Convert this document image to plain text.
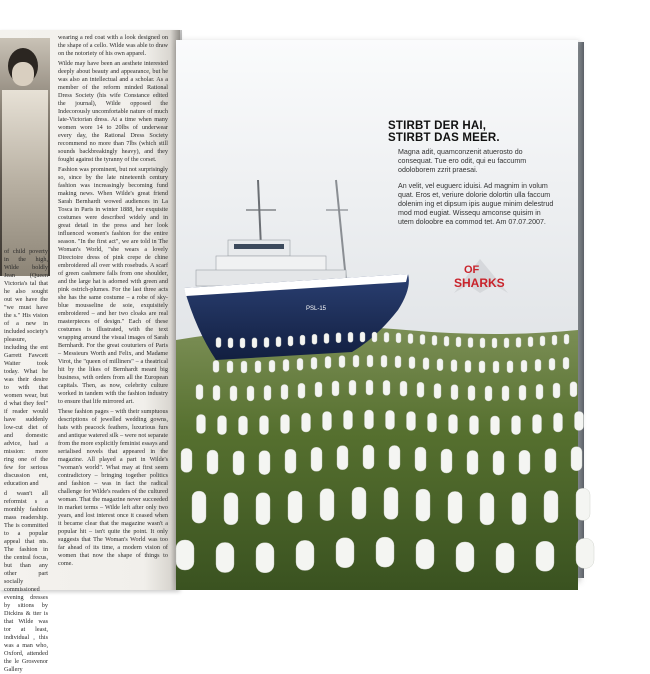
of child poverty in the high, Wilde boldly Jean (Queen Victoria's tal that he also sought out we have the "we must have the s." His vision of a new in included society's pleasure, including the ent Garrett Fawcett Waiter took today. What he was their desire to with that women wear, but d what they feel" if reader would have suddenly low-cut diet of and domestic advice, had a mission: more ring one of the few for serious discussion ent, education and

d wasn't all reformist s a monthly fashion mass readership. The is committed to a popular appeal that nts. The fashion in the central focus, but than any other part socially commissioned evening dresses by sitions by Dickins & tter is that Wilde was tor at least, individual , this was a man who, Oxford, attended the le Grosvenor Gallery

wearing a red coat with a look designed on the shape of a cello. Wilde was able to draw on the notoriety of his own apparel.

Wilde may have been an aesthete interested deeply about beauty and appearance, but he was also an intellectual and a scholar. As a member of the reform minded Rational Dress Society (his wife Constance edited the journal), Wilde opposed the Indecorously uncomfortable nature of much late-Victorian dress. At a time when many women wore 14 to 20lbs of underwear every day, the Rational Dress Society recommend no more than 7lbs (which still sounds backbreakingly heavy), and they fought against the tyranny of the corset.

Fashion was prominent, but not surprisingly so, since by the late nineteenth century fashion was increasingly becoming fund making news. When Wilde's great friend Sarah Bernhardt wowed audiences in La Tosca in Paris in winter 1888, her exquisite costumes were described widely and in great detail in the press and her look influenced women's fashion for the entire season. "In the first act", we are told in The Woman's World, "she wears a lovely Directoire dress of pink crepe de chine embroidered all over with rosebuds. A scarf of green cashmere falls from one shoulder, and the large hat is adorned with green and pink ostrich-plumes. For the last three acts she has the same costume – a robe of sky-blue mousseline de soie, exquisitely embroidered – and her two cloaks are real masterpieces of design." Each of these costumes is illustrated, with the text wrapping around the visual images of Sarah Bernhardt. For the great couturiers of Paris – Messieurs Worth and Felix, and Madame Virot, the "queen of milliners" – a theatrical hit by the likes of Bernhardt meant big business, with orders from all the European capitals. Then, as now, celebrity culture worked in tandem with the fashion industry to ensure that life mirrored art.

These fashion pages – with their sumptuous descriptions of jewelled wedding gowns, hats with peacock feathers, luxurious furs and antique watered silk – were not separate from the more explicitly feminist essays and serialised novels that appeared in the magazine. All played a part in Wilde's "woman's world". What may at first seem contradictory – bringing together politics and fashion – was in fact the radical challenge for Wilde's readers of the cultured woman. That the magazine never succeeded in market terms – Wilde left after only two years, and lost interest once it ceased when it became clear that the magazine wasn't a popular hit – isn't quite the point. It only suggests that The Woman's World was too far ahead of its time, a modern vision of women that now the shape of things to come.

PSL-15
STIRBT DER HAI,
STIRBT DAS MEER.

Magna adit, quamconzenit atuerosto do consequat. Tue ero odit, qui eu faccumm odoloborem zzrit praesai.

An velit, vel euguerc iduisi. Ad magnim in volum quat. Eros et, veriure dolorie dolortin ulla faccum dolenim ing et dipsum ipis augue minim delestrud mod mod eugiat. Wissequ amconse quisim in utem doloobre ea commod tet. Am 07.07.2007.

OF
SHARKS
